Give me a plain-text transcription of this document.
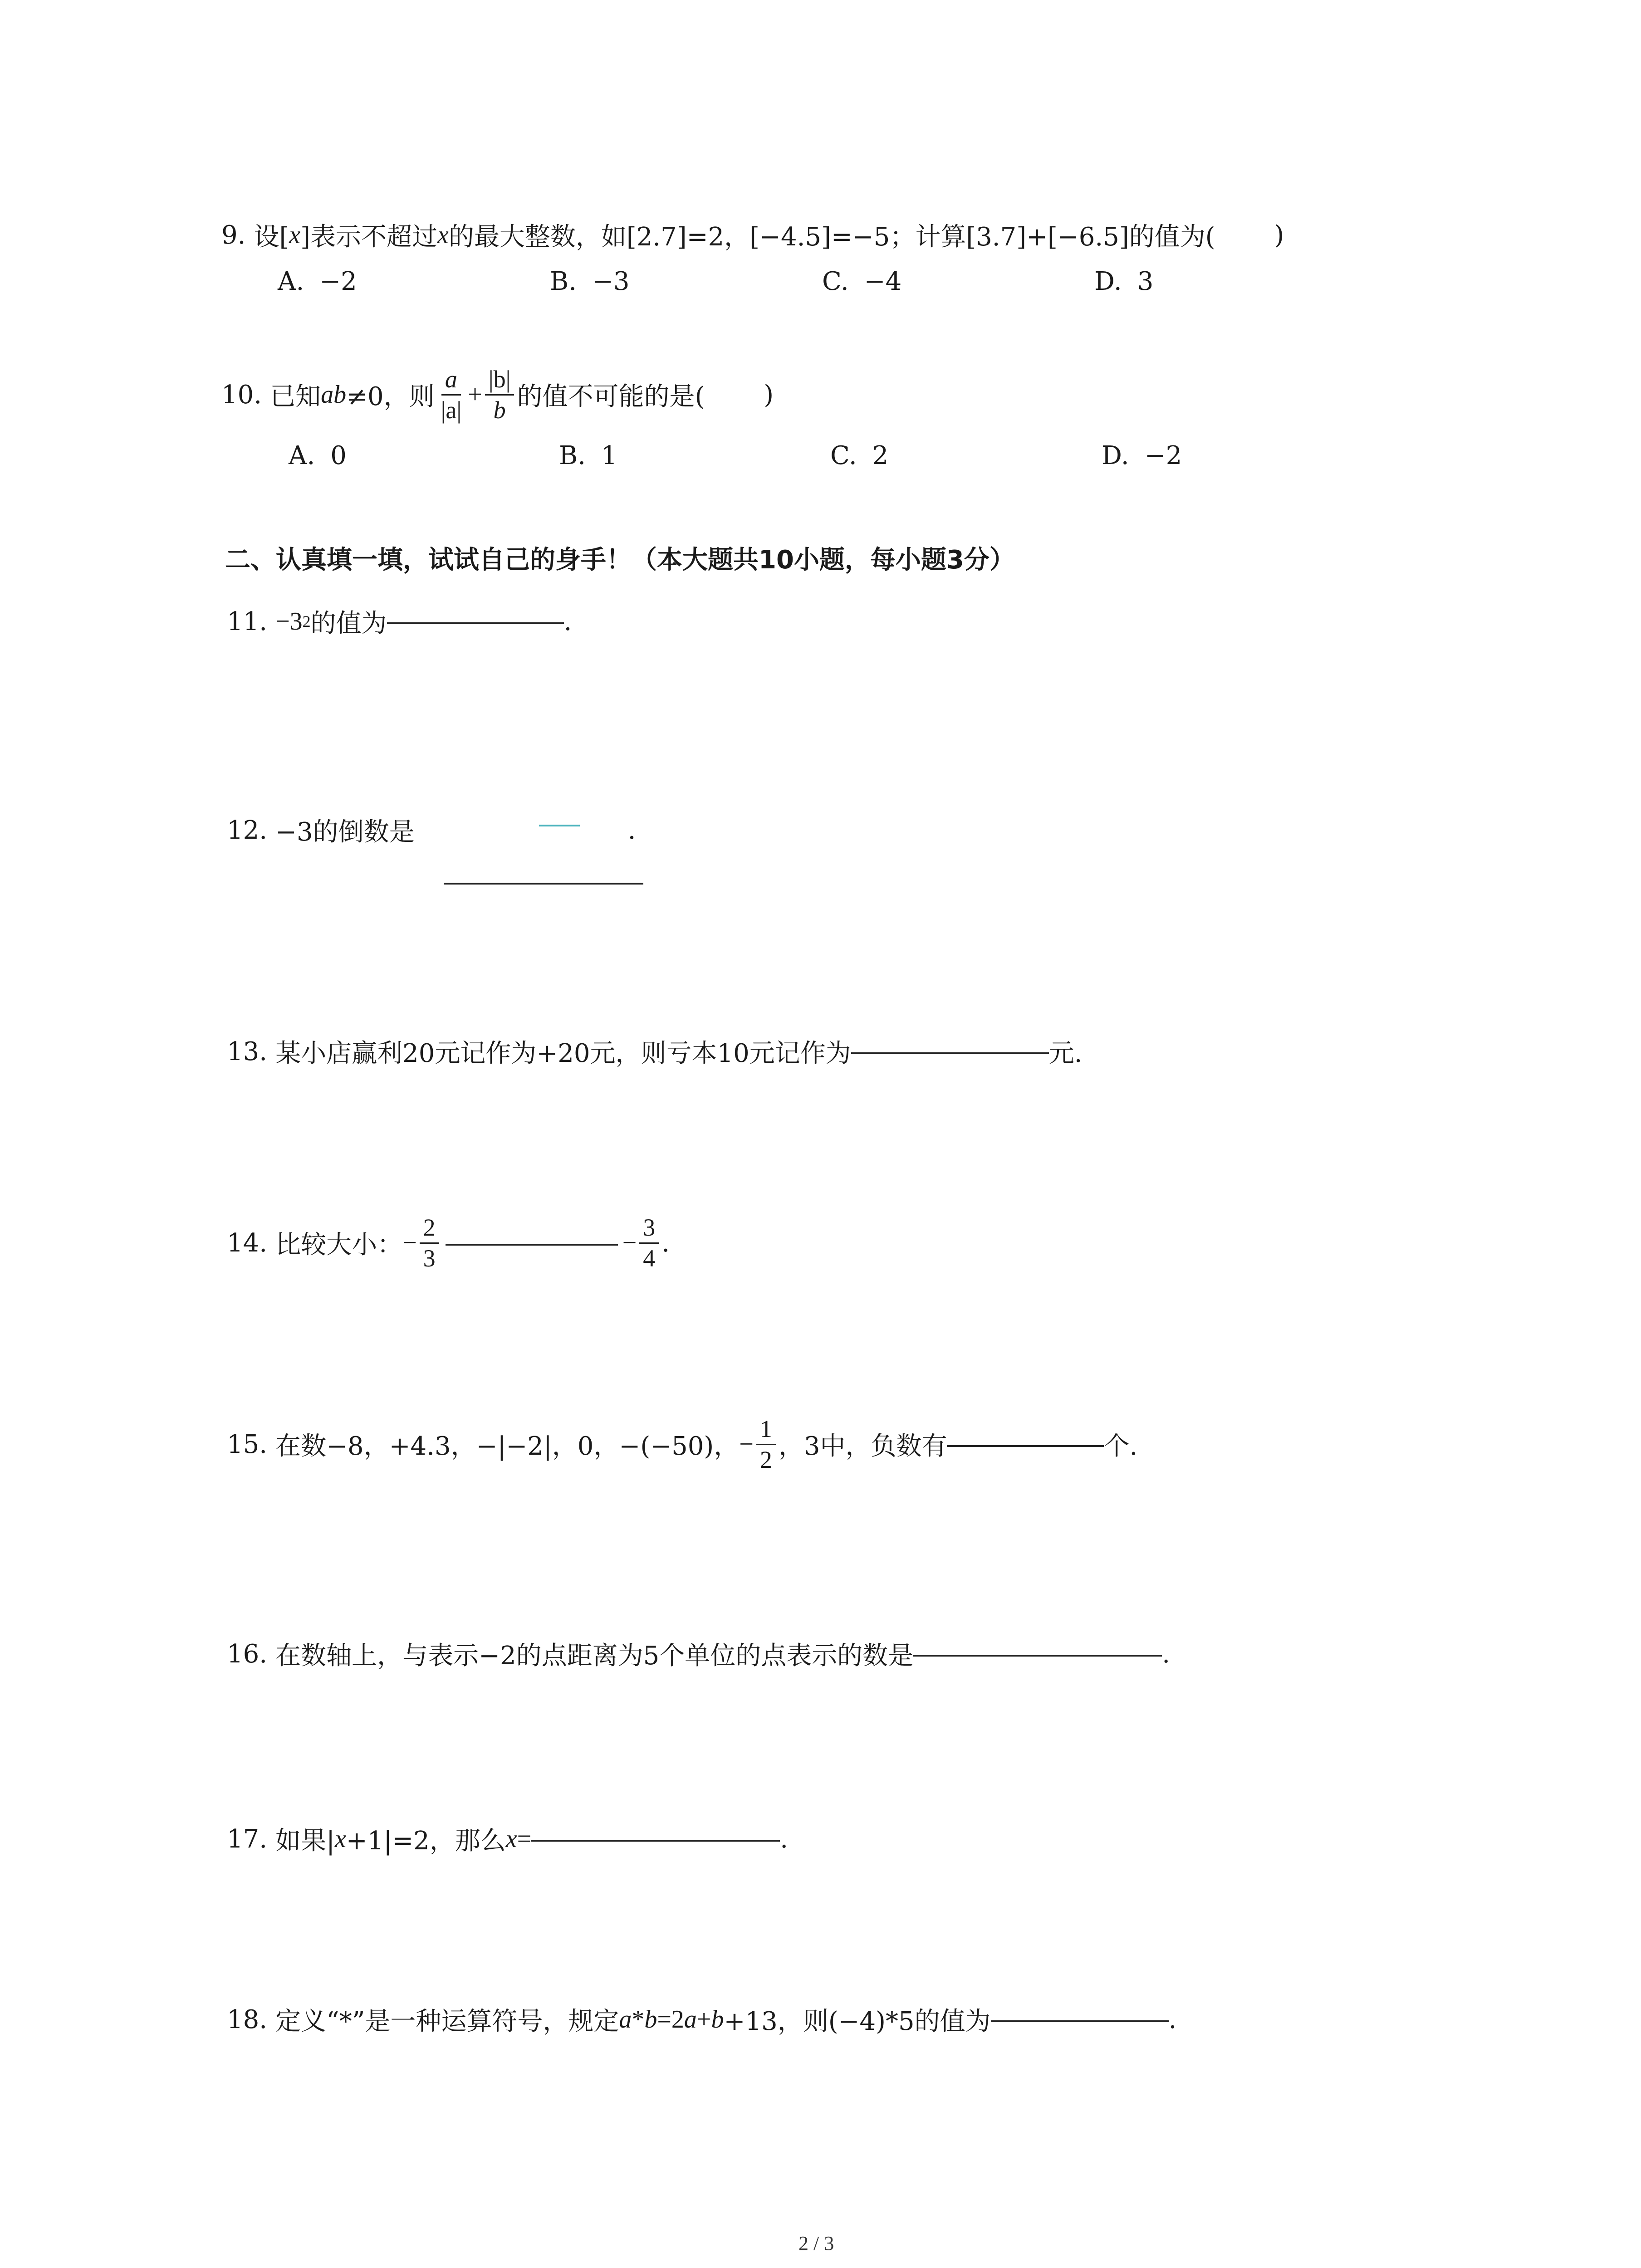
9. 设[ x ]表示不超过 x 的最大整数，如[2.7]=2，[−4.5]=−5；计算[3.7]+[−6.5]的值为( )
A. −2	B. −3	C. −4	D. 3
10. 已知 ab ≠0，则 $\frac{a}{|a|} + \frac{|b|}{b}$ 的值不可能的是( )
A. 0	B. 1	C. 2	D. −2
二、认真填一填，试试自己的身手！（本大题共10小题，每小题3分）
11. −3 2 的值为	.
12. −3的倒数是	.
13. 某小店赢利20元记作为+20元，则亏本10元记作为	元.
14. 比较大小： − $\frac{2}{3}$	− $\frac{3}{4}$ .
15. 在数−8，+4.3，−|−2|，0，−(−50)， − $\frac{1}{2}$ ，3中，负数有	个.
16. 在数轴上，与表示−2的点距离为5个单位的点表示的数是	.
17. 如果| x +1|=2，那么 x =	.
18. 定义“*”是一种运算符号，规定 a * b =2 a + b +13，则(−4)*5的值为	.
2 / 3
